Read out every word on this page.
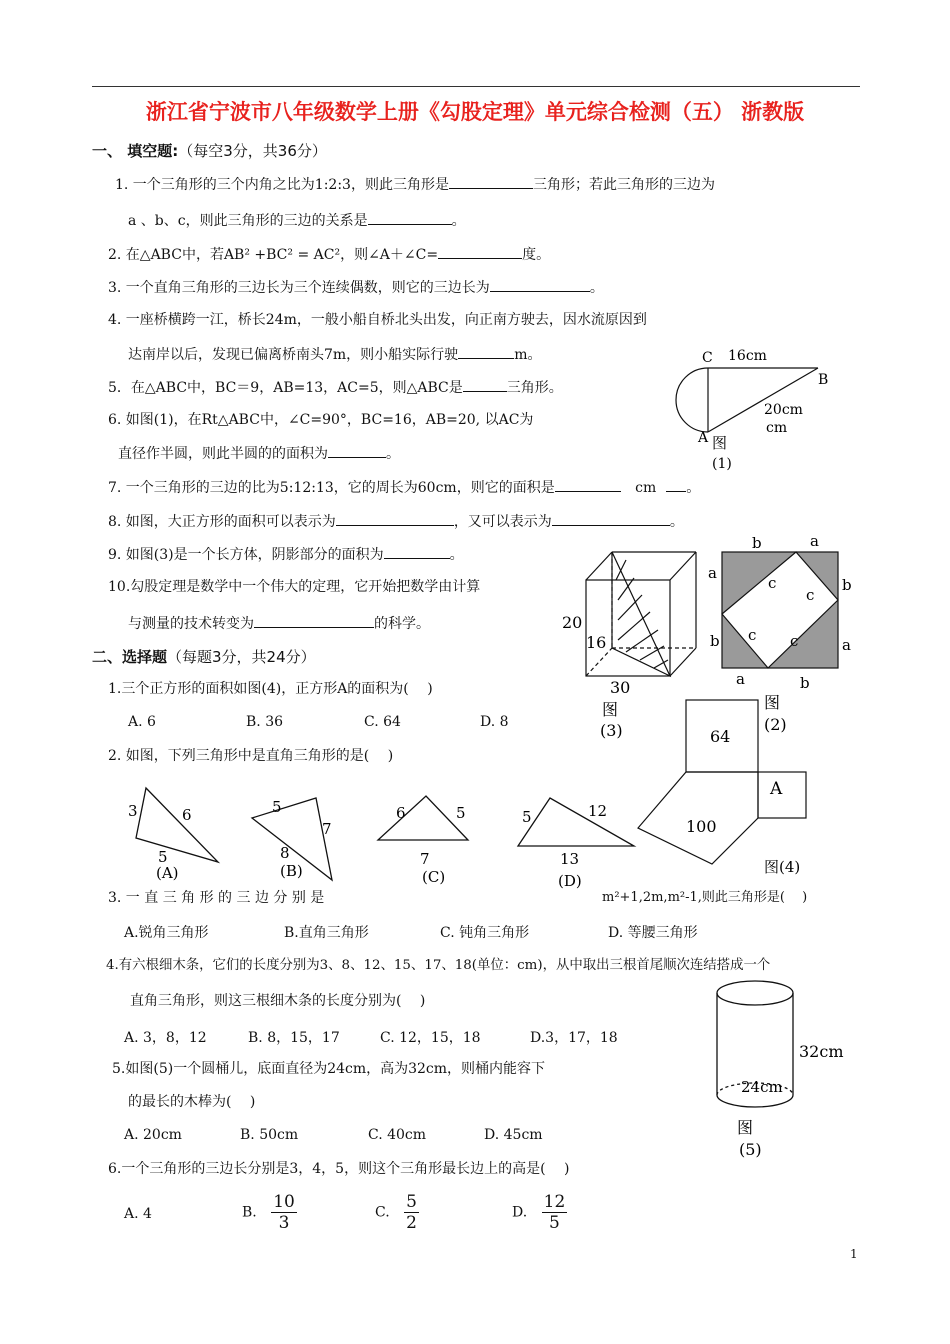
浙江省宁波市八年级数学上册《勾股定理》单元综合检测（五） 浙教版
一、 填空题:（每空3分，共36分）
1. 一个三角形的三个内角之比为1:2:3，则此三角形是	三角形；若此三角形的三边为
a 、b、c，则此三角形的三边的关系是	。
2. 在△ABC中，若AB² +BC² = AC²，则∠A＋∠C=	度。
3. 一个直角三角形的三边长为三个连续偶数，则它的三边长为	。
4. 一座桥横跨一江，桥长24m，一般小船自桥北头出发，向正南方驶去，因水流原因到
达南岸以后，发现已偏离桥南头7m，则小船实际行驶	m。
5．在△ABC中，BC＝9，AB=13，AC=5，则△ABC是	三角形。
6. 如图(1)，在Rt△ABC中，∠C=90°，BC=16，AB=20, 以AC为
直径作半圆，则此半圆的的面积为	。
7. 一个三角形的三边的比为5:12:13，它的周长为60cm，则它的面积是	cm 。
8. 如图，大正方形的面积可以表示为	，又可以表示为	。
9. 如图(3)是一个长方体，阴影部分的面积为	。
10.勾股定理是数学中一个伟大的定理，它开始把数学由计算
与测量的技术转变为	的科学。
二、选择题（每题3分，共24分）
1.三个正方形的面积如图(4)，正方形A的面积为(　 )
A. 6	B. 36	C. 64	D. 8
2. 如图，下列三角形中是直角三角形的是(　 )
3. 一 直 三 角 形 的 三 边 分 别 是	m²+1,2m,m²-1,则此三角形是(　 )
A.锐角三角形	B.直角三角形	C. 钝角三角形	D. 等腰三角形
4.有六根细木条，它们的长度分别为3、8、12、15、17、18(单位：cm)，从中取出三根首尾顺次连结搭成一个
直角三角形，则这三根细木条的长度分别为(　 )
A. 3，8，12	B. 8，15，17	C. 12，15，18	D.3，17，18
5.如图(5)一个圆桶儿，底面直径为24cm，高为32cm，则桶内能容下
的最长的木棒为(　 )
A. 20cm	B. 50cm	C. 40cm	D. 45cm
6.一个三角形的三边长分别是3，4，5，则这个三角形最长边上的高是(　 )
A. 4	B. $\frac{10}{3}$	C. $\frac{5}{2}$	D. $\frac{12}{5}$
C 16cm
B
20cm
cm
A 图
(1)
20
16
30
图
(3)
b	a
a
b
c
c
c c
b	a
a	b
图
(2)
64
A
100
图(4)
3	6
5
(A)
5
7
8
(B)
6	5
7
(C)
5	12
13
(D)
32cm
24cm
图
(5)
1
